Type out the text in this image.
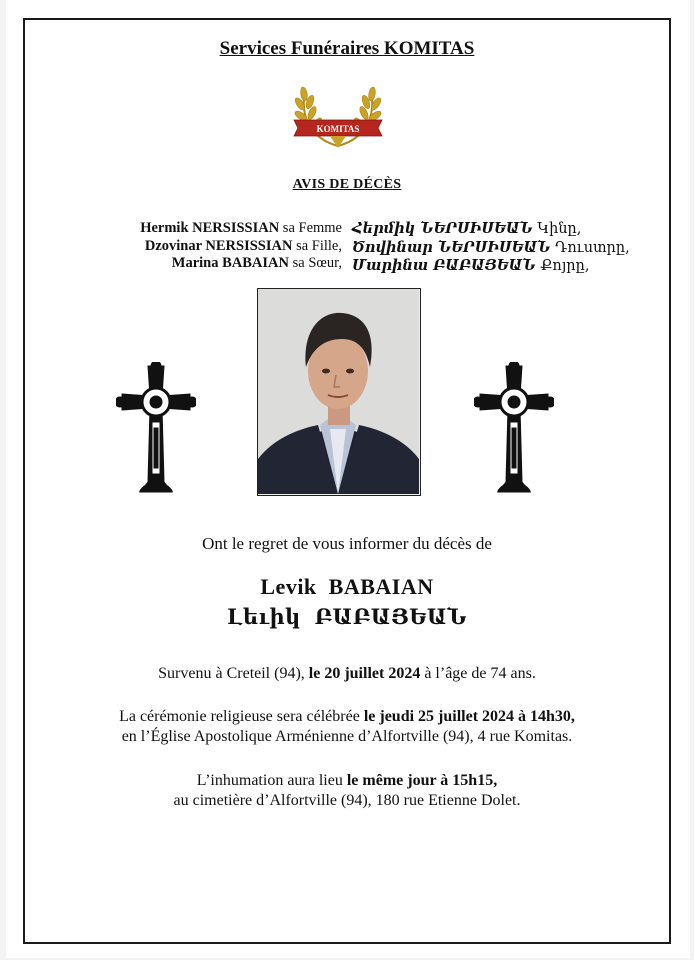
Services Funéraires KOMITAS
KOMITAS
AVIS DE DÉCÈS
Hermik NERSISSIAN sa Femme
Dzovinar NERSISSIAN sa Fille,
Marina BABAIAN sa Sœur,
Հերմիկ ՆԵՐՍԻՍԵԱՆ Կինը,
Ծովինար ՆԵՐՍԻՍԵԱՆ Դուստրը,
Մարինա ԲԱԲԱՅԵԱՆ Քոյրը,
Ont le regret de vous informer du décès de
Levik BABAIAN
Լեւիկ ԲԱԲԱՅԵԱՆ
Survenu à Creteil (94), le 20 juillet 2024 à l’âge de 74 ans.
La cérémonie religieuse sera célébrée le jeudi 25 juillet 2024 à 14h30,
en l’Église Apostolique Arménienne d’Alfortville (94), 4 rue Komitas.
L’inhumation aura lieu le même jour à 15h15,
au cimetière d’Alfortville (94), 180 rue Etienne Dolet.
